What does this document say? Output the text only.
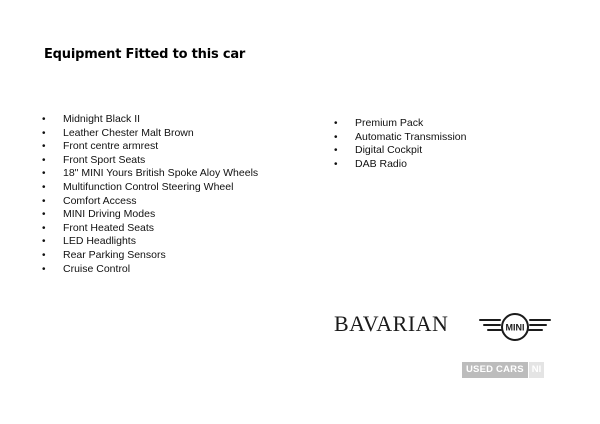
Equipment Fitted to this car
• Midnight Black II
• Leather Chester Malt Brown
• Front centre armrest
• Front Sport Seats
• 18" MINI Yours British Spoke Aloy Wheels
• Multifunction Control Steering Wheel
• Comfort Access
• MINI Driving Modes
• Front Heated Seats
• LED Headlights
• Rear Parking Sensors
• Cruise Control
• Premium Pack
• Automatic Transmission
• Digital Cockpit
• DAB Radio
BAVARIAN	MINI
USED CARS NI
